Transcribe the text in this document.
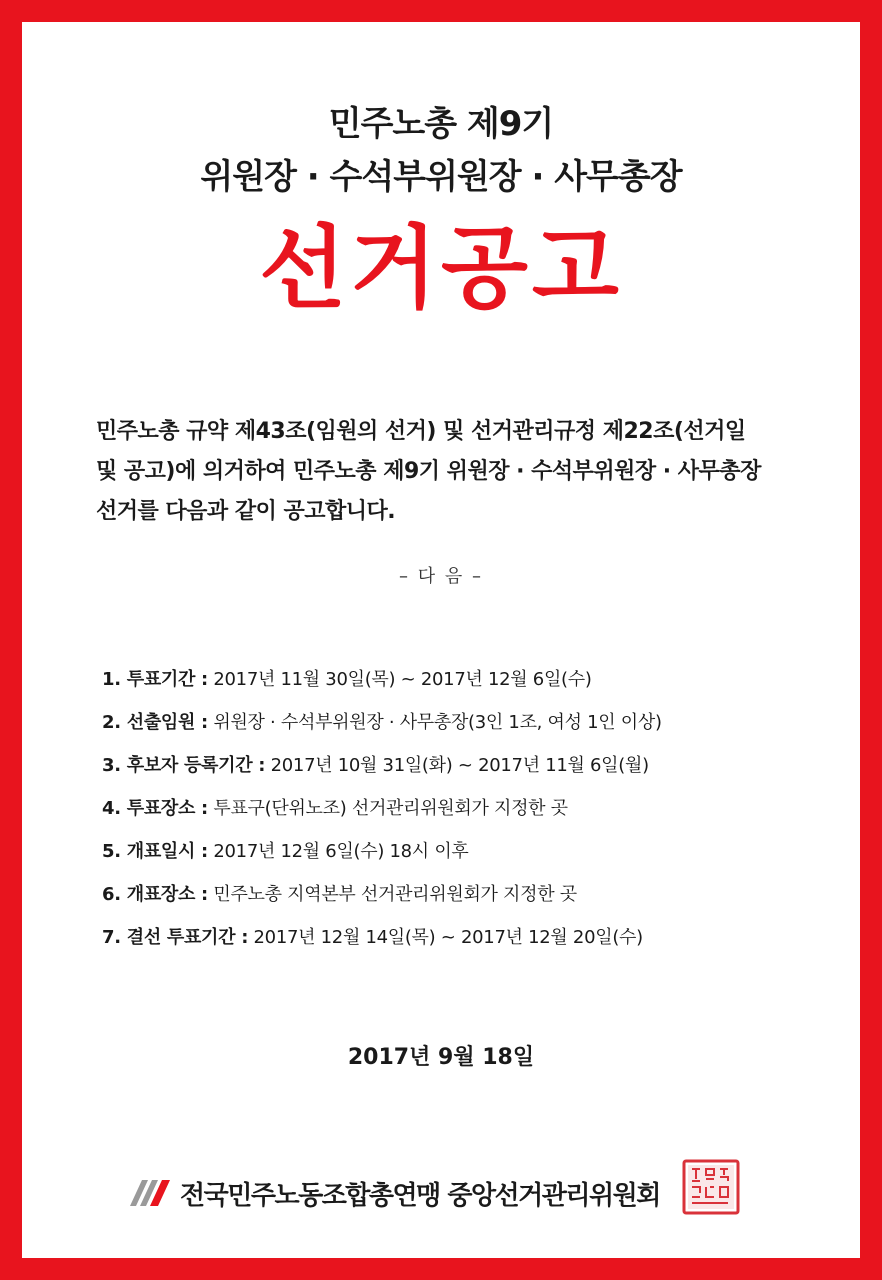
민주노총 제9기
위원장 · 수석부위원장 · 사무총장
선거공고
민주노총 규약 제43조(임원의 선거) 및 선거관리규정 제22조(선거일
및 공고)에 의거하여 민주노총 제9기 위원장 · 수석부위원장 · 사무총장
선거를 다음과 같이 공고합니다.
– 다 음 –
1. 투표기간 : 2017년 11월 30일(목) ~ 2017년 12월 6일(수)
2. 선출임원 : 위원장 · 수석부위원장 · 사무총장(3인 1조, 여성 1인 이상)
3. 후보자 등록기간 : 2017년 10월 31일(화) ~ 2017년 11월 6일(월)
4. 투표장소 : 투표구(단위노조) 선거관리위원회가 지정한 곳
5. 개표일시 : 2017년 12월 6일(수) 18시 이후
6. 개표장소 : 민주노총 지역본부 선거관리위원회가 지정한 곳
7. 결선 투표기간 : 2017년 12월 14일(목) ~ 2017년 12월 20일(수)
2017년 9월 18일
전국민주노동조합총연맹 중앙선거관리위원회
